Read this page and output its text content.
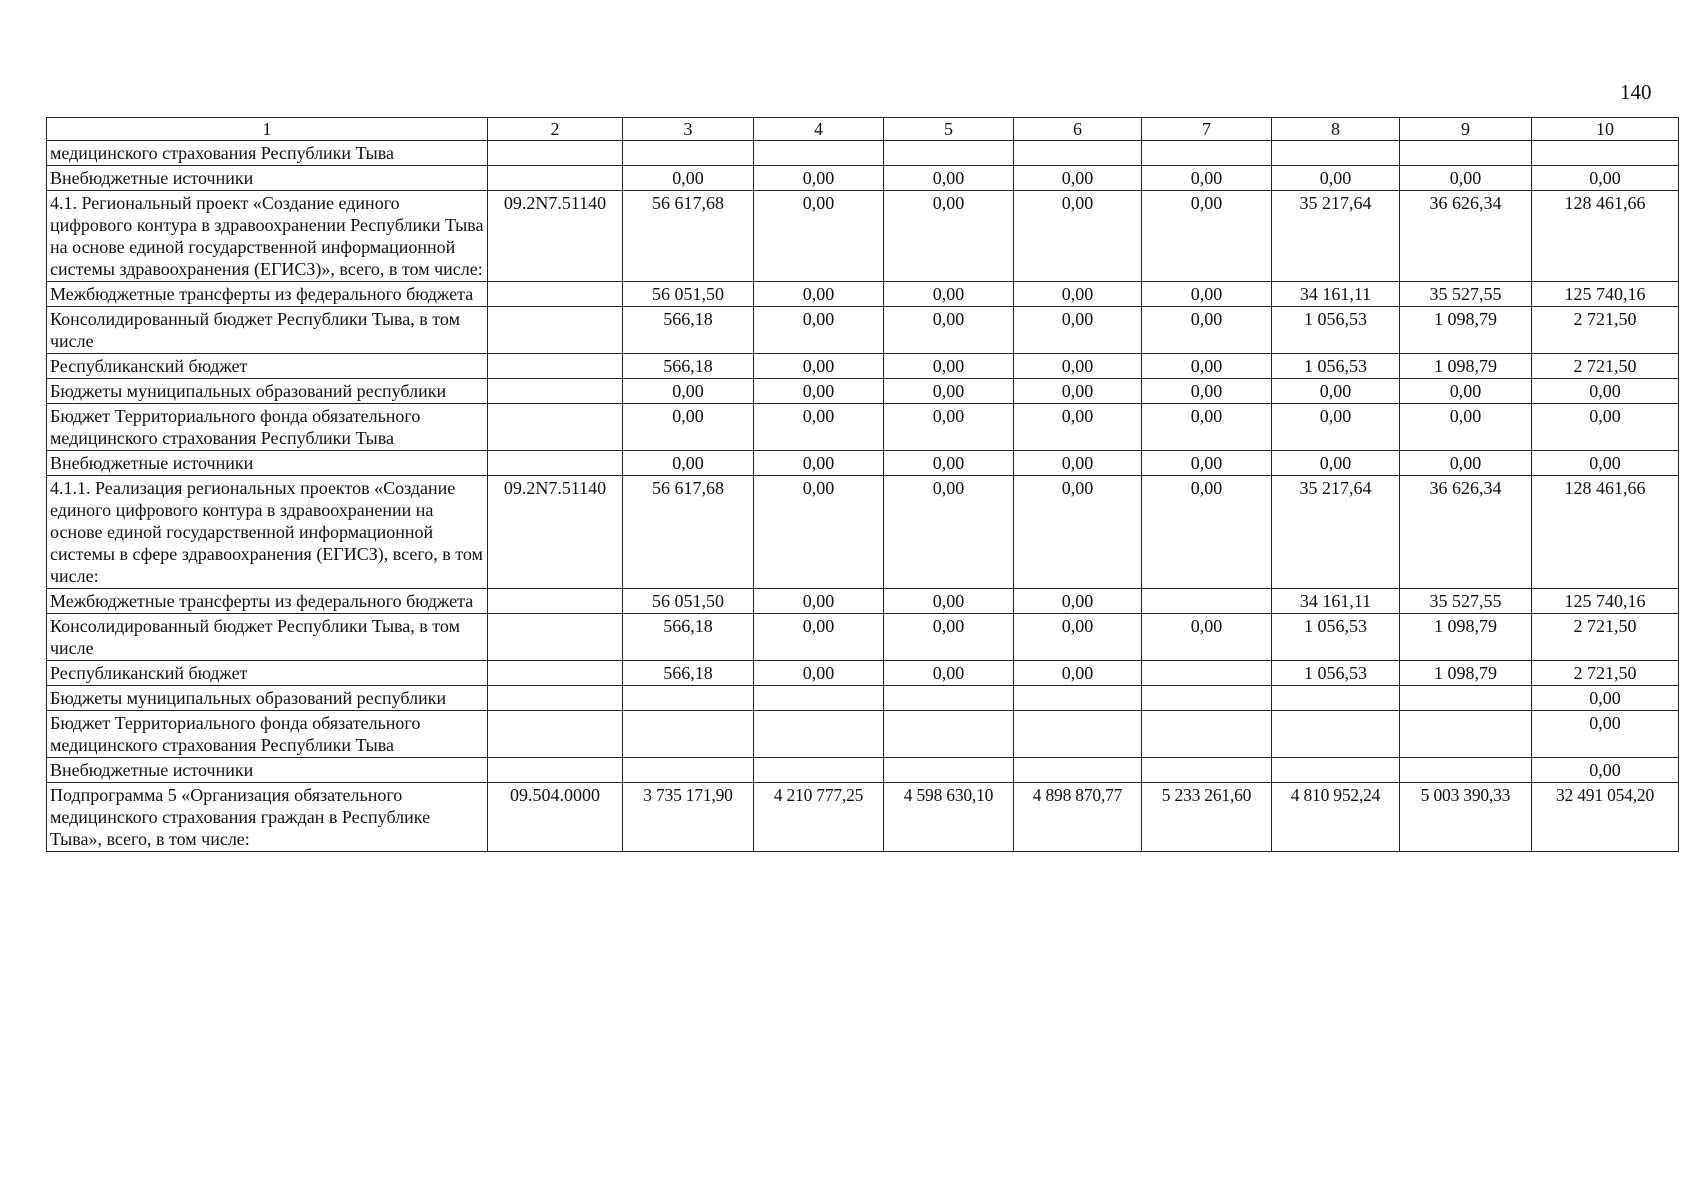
140
1	2	3	4	5	6	7	8	9	10
медицинского страхования Республики Тыва									
Внебюджетные источники		0,00	0,00	0,00	0,00	0,00	0,00	0,00	0,00
4.1. Региональный проект «Создание единого цифрового контура в здравоохранении Республики Тыва на основе единой государственной информационной системы здравоохранения (ЕГИСЗ)», всего, в том числе:	09.2N7.51140	56 617,68	0,00	0,00	0,00	0,00	35 217,64	36 626,34	128 461,66
Межбюджетные трансферты из федерального бюджета		56 051,50	0,00	0,00	0,00	0,00	34 161,11	35 527,55	125 740,16
Консолидированный бюджет Республики Тыва, в том числе		566,18	0,00	0,00	0,00	0,00	1 056,53	1 098,79	2 721,50
Республиканский бюджет		566,18	0,00	0,00	0,00	0,00	1 056,53	1 098,79	2 721,50
Бюджеты муниципальных образований республики		0,00	0,00	0,00	0,00	0,00	0,00	0,00	0,00
Бюджет Территориального фонда обязательного медицинского страхования Республики Тыва		0,00	0,00	0,00	0,00	0,00	0,00	0,00	0,00
Внебюджетные источники		0,00	0,00	0,00	0,00	0,00	0,00	0,00	0,00
4.1.1. Реализация региональных проектов «Создание единого цифрового контура в здравоохранении на основе единой государственной информационной системы в сфере здравоохранения (ЕГИСЗ), всего, в том числе:	09.2N7.51140	56 617,68	0,00	0,00	0,00	0,00	35 217,64	36 626,34	128 461,66
Межбюджетные трансферты из федерального бюджета		56 051,50	0,00	0,00	0,00		34 161,11	35 527,55	125 740,16
Консолидированный бюджет Республики Тыва, в том числе		566,18	0,00	0,00	0,00	0,00	1 056,53	1 098,79	2 721,50
Республиканский бюджет		566,18	0,00	0,00	0,00		1 056,53	1 098,79	2 721,50
Бюджеты муниципальных образований республики									0,00
Бюджет Территориального фонда обязательного медицинского страхования Республики Тыва									0,00
Внебюджетные источники									0,00
Подпрограмма 5 «Организация обязательного медицинского страхования граждан в Республике Тыва», всего, в том числе:	09.504.0000	3 735 171,90	4 210 777,25	4 598 630,10	4 898 870,77	5 233 261,60	4 810 952,24	5 003 390,33	32 491 054,20
